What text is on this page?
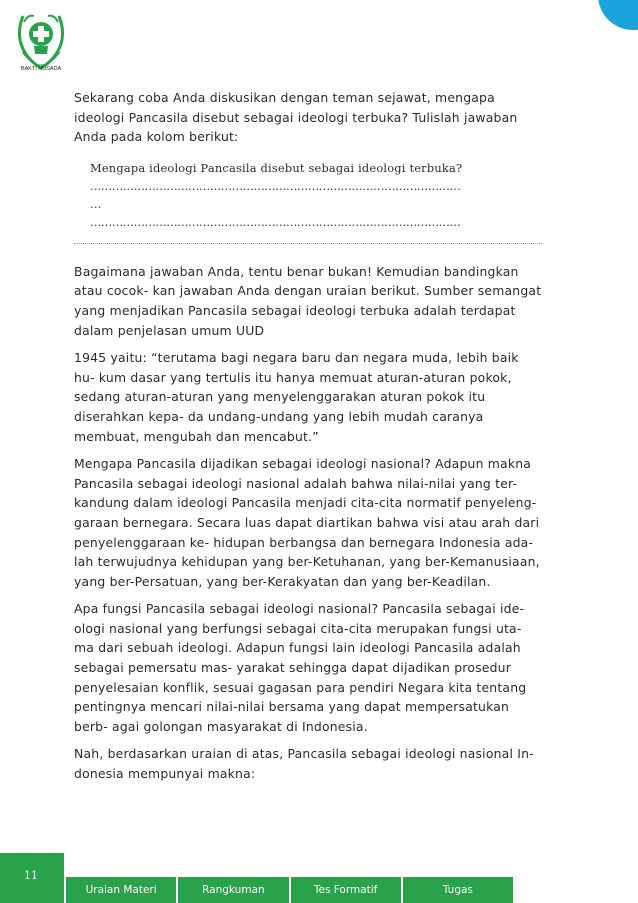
BAKTI HUSADA

Sekarang coba Anda diskusikan dengan teman sejawat, mengapa ideologi Pancasila disebut sebagai ideologi terbuka? Tulislah jawaban Anda pada kolom berikut:

Mengapa ideologi Pancasila disebut sebagai ideologi terbuka?
…………………………………………………………………………………………
…
…………………………………………………………………………………………

Bagaimana jawaban Anda, tentu benar bukan! Kemudian bandingkan atau cocok- kan jawaban Anda dengan uraian berikut. Sumber semangat yang menjadikan Pancasila sebagai ideologi terbuka adalah terdapat dalam penjelasan umum UUD

1945 yaitu: “terutama bagi negara baru dan negara muda, lebih baik hu- kum dasar yang tertulis itu hanya memuat aturan-aturan pokok, sedang aturan-aturan yang menyelenggarakan aturan pokok itu diserahkan kepa- da undang-undang yang lebih mudah caranya membuat, mengubah dan mencabut.”

Mengapa Pancasila dijadikan sebagai ideologi nasional? Adapun makna Pancasila sebagai ideologi nasional adalah bahwa nilai-nilai yang ter- kandung dalam ideologi Pancasila menjadi cita-cita normatif penyeleng- garaan bernegara. Secara luas dapat diartikan bahwa visi atau arah dari penyelenggaraan ke- hidupan berbangsa dan bernegara Indonesia ada- lah terwujudnya kehidupan yang ber-Ketuhanan, yang ber-Kemanusiaan, yang ber-Persatuan, yang ber-Kerakyatan dan yang ber-Keadilan.

Apa fungsi Pancasila sebagai ideologi nasional? Pancasila sebagai ide- ologi nasional yang berfungsi sebagai cita-cita merupakan fungsi uta- ma dari sebuah ideologi. Adapun fungsi lain ideologi Pancasila adalah sebagai pemersatu mas- yarakat sehingga dapat dijadikan prosedur penyelesaian konflik, sesuai gagasan para pendiri Negara kita tentang pentingnya mencari nilai-nilai bersama yang dapat mempersatukan berb- agai golongan masyarakat di Indonesia.

Nah, berdasarkan uraian di atas, Pancasila sebagai ideologi nasional In- donesia mempunyai makna:

11
Uraian Materi	Rangkuman	Tes Formatif	Tugas
